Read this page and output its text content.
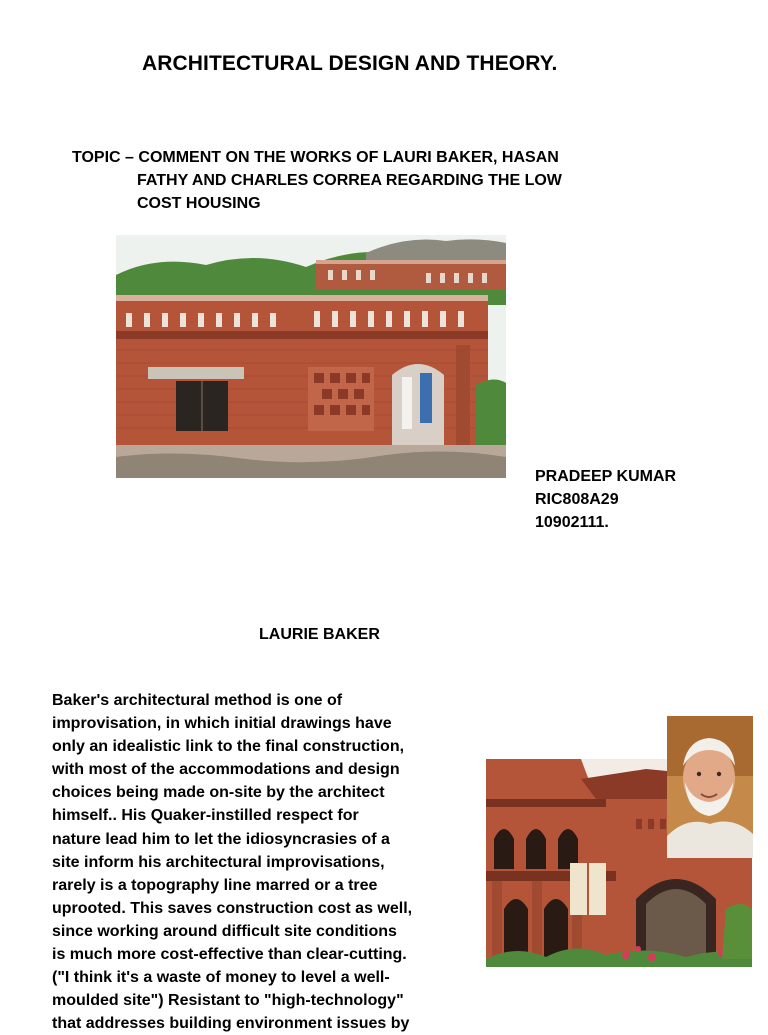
ARCHITECTURAL DESIGN AND THEORY.
TOPIC – COMMENT ON THE WORKS OF LAURI BAKER, HASAN
FATHY AND CHARLES CORREA REGARDING THE LOW
COST HOUSING
PRADEEP KUMAR
RIC808A29
10902111.
LAURIE BAKER
Baker's architectural method is one of
improvisation, in which initial drawings have
only an idealistic link to the final construction,
with most of the accommodations and design
choices being made on-site by the architect
himself.. His Quaker-instilled respect for
nature lead him to let the idiosyncrasies of a
site inform his architectural improvisations,
rarely is a topography line marred or a tree
uprooted. This saves construction cost as well,
since working around difficult site conditions
is much more cost-effective than clear-cutting.
("I think it's a waste of money to level a well-
moulded site") Resistant to "high-technology"
that addresses building environment issues by
